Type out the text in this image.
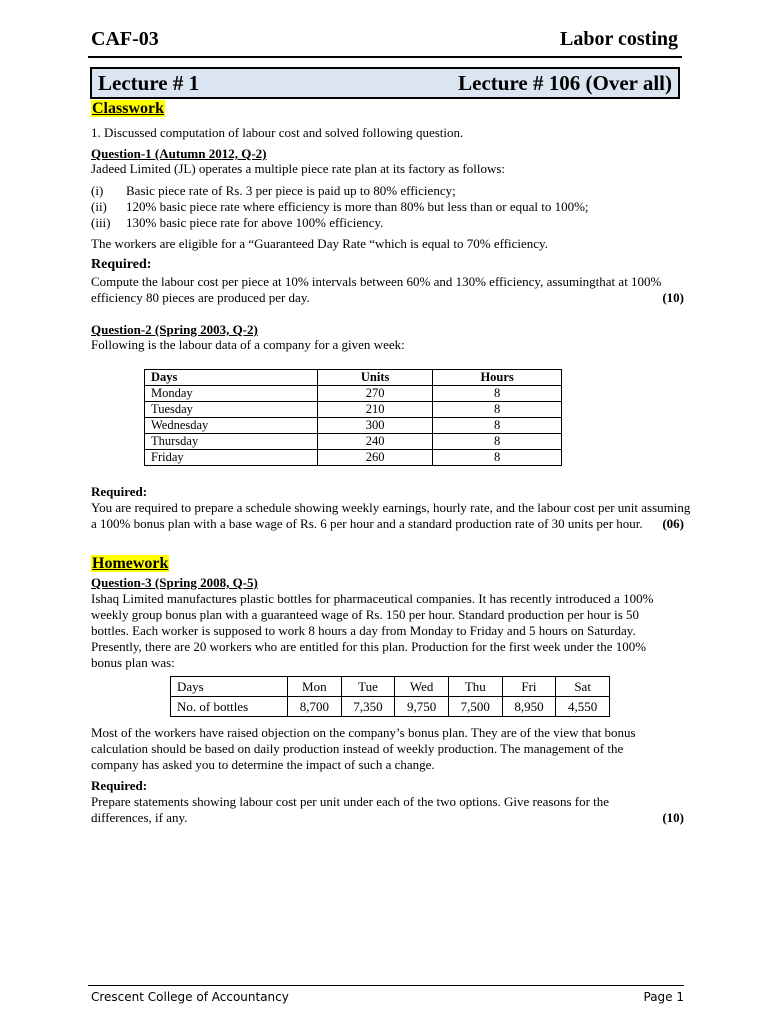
CAF-03	Labor costing
Lecture # 1	Lecture # 106 (Over all)
Classwork
1. Discussed computation of labour cost and solved following question.
Question-1 (Autumn 2012, Q-2)
Jadeed Limited (JL) operates a multiple piece rate plan at its factory as follows:
(i) Basic piece rate of Rs. 3 per piece is paid up to 80% efficiency;
(ii) 120% basic piece rate where efficiency is more than 80% but less than or equal to 100%;
(iii) 130% basic piece rate for above 100% efficiency.
The workers are eligible for a “Guaranteed Day Rate “which is equal to 70% efficiency.
Required:
Compute the labour cost per piece at 10% intervals between 60% and 130% efficiency, assumingthat at 100%
efficiency 80 pieces are produced per day.	(10)
Question-2 (Spring 2003, Q-2)
Following is the labour data of a company for a given week:
Days	Units	Hours
Monday	270	8
Tuesday	210	8
Wednesday	300	8
Thursday	240	8
Friday	260	8
Required:
You are required to prepare a schedule showing weekly earnings, hourly rate, and the labour cost per unit assuming
a 100% bonus plan with a base wage of Rs. 6 per hour and a standard production rate of 30 units per hour. (06)
Homework
Question-3 (Spring 2008, Q-5)
Ishaq Limited manufactures plastic bottles for pharmaceutical companies. It has recently introduced a 100%
weekly group bonus plan with a guaranteed wage of Rs. 150 per hour. Standard production per hour is 50
bottles. Each worker is supposed to work 8 hours a day from Monday to Friday and 5 hours on Saturday.
Presently, there are 20 workers who are entitled for this plan. Production for the first week under the 100%
bonus plan was:
Days	Mon	Tue	Wed	Thu	Fri	Sat
No. of bottles	8,700	7,350	9,750	7,500	8,950	4,550
Most of the workers have raised objection on the company’s bonus plan. They are of the view that bonus
calculation should be based on daily production instead of weekly production. The management of the
company has asked you to determine the impact of such a change.
Required:
Prepare statements showing labour cost per unit under each of the two options. Give reasons for the
differences, if any.	(10)
Crescent College of Accountancy	Page 1
